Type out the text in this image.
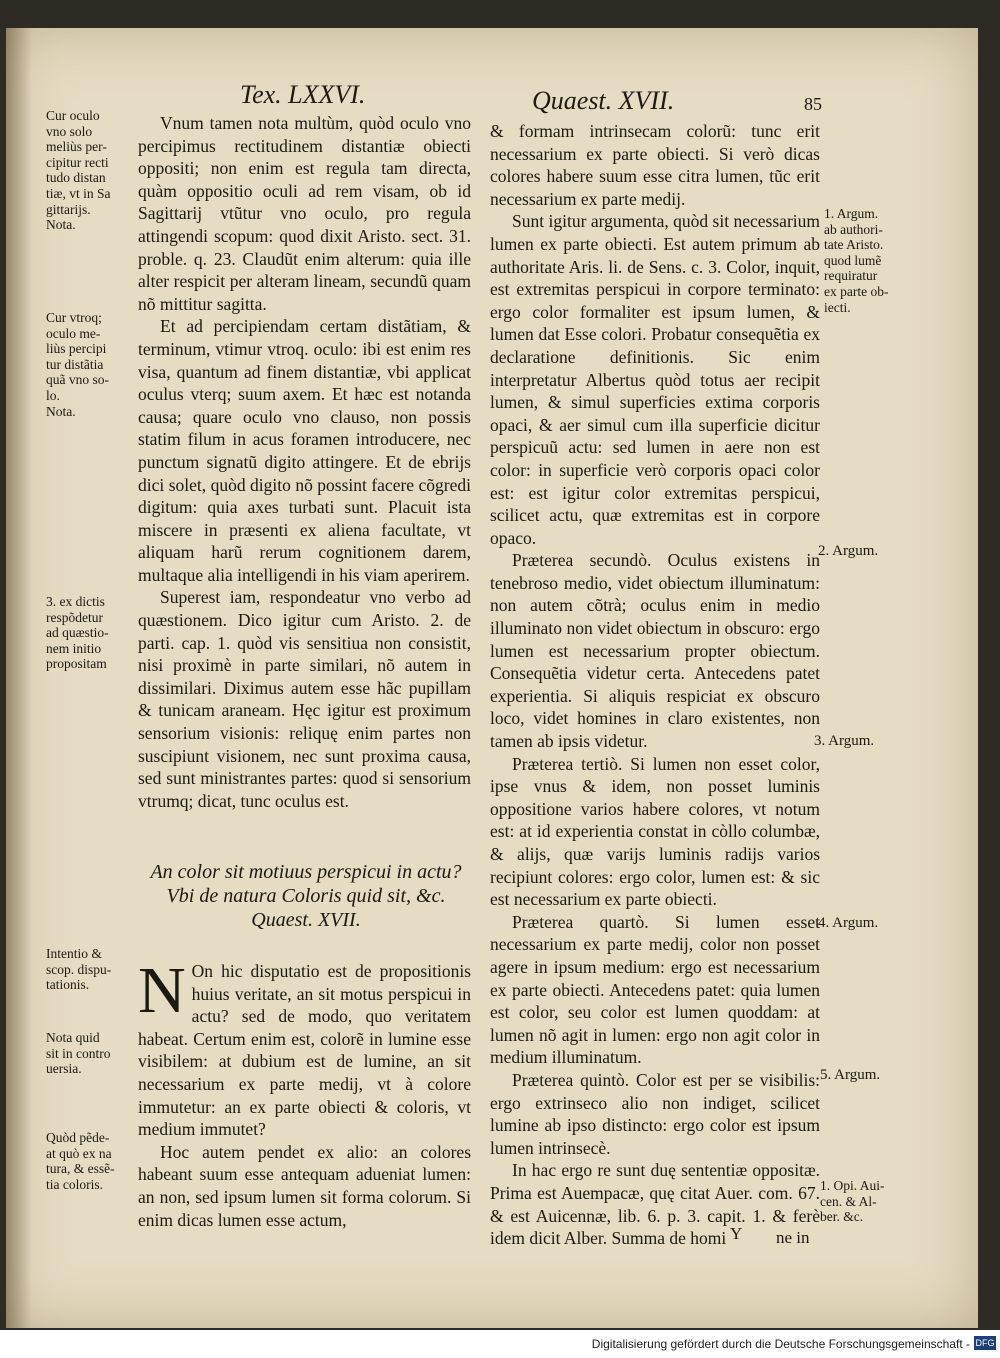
Tex. LXXVI.	Quaest. XVII.	85
Cur oculo
vno solo
meliùs per-
cipitur recti
tudo distan
tiæ, vt in Sa
gittarijs.
Nota.
Cur vtroq;
oculo me-
liùs percipi
tur distãtia
quã vno so-
lo.
Nota.
3. ex dictis
respõdetur
ad quæstio-
nem initio
propositam
Intentio &
scop. dispu-
tationis.
Nota quid
sit in contro
uersia.
Quòd pẽde-
at quò ex na
tura, & essẽ-
tia coloris.

Vnum tamen nota multùm, quòd oculo vno percipimus rectitudinem distantiæ obiecti oppositi; non enim est regula tam directa, quàm oppositio oculi ad rem visam, ob id Sagittarij vtũtur vno oculo, pro regula attingendi scopum: quod dixit Aristo. sect. 31. proble. q. 23. Claudũt enim alterum: quia ille alter respicit per alteram lineam, secundũ quam nõ mittitur sagitta.

Et ad percipiendam certam distãtiam, & terminum, vtimur vtroq. oculo: ibi est enim res visa, quantum ad finem distantiæ, vbi applicat oculus vterq; suum axem. Et hæc est notanda causa; quare oculo vno clauso, non possis statim filum in acus foramen introducere, nec punctum signatũ digito attingere. Et de ebrijs dici solet, quòd digito nõ possint facere cõgredi digitum: quia axes turbati sunt. Placuit ista miscere in præsenti ex aliena facultate, vt aliquam harũ rerum cognitionem darem, multaque alia intelligendi in his viam aperirem.

Superest iam, respondeatur vno verbo ad quæstionem. Dico igitur cum Aristo. 2. de parti. cap. 1. quòd vis sensitiua non consistit, nisi proximè in parte similari, nõ autem in dissimilari. Diximus autem esse hãc pupillam & tunicam araneam. Hęc igitur est proximum sensorium visionis: reliquę enim partes non suscipiunt visionem, nec sunt proxima causa, sed sunt ministrantes partes: quod si sensorium vtrumq; dicat, tunc oculus est.

An color sit motiuus perspicui in actu?
Vbi de natura Coloris quid sit, &c.
Quaest. XVII.

N On hic disputatio est de propositionis huius veritate, an sit motus perspicui in actu? sed de modo, quo veritatem habeat. Certum enim est, colorẽ in lumine esse visibilem: at dubium est de lumine, an sit necessarium ex parte medij, vt à colore immutetur: an ex parte obiecti & coloris, vt medium immutet?

Hoc autem pendet ex alio: an colores habeant suum esse antequam adueniat lumen: an non, sed ipsum lumen sit forma colorum. Si enim dicas lumen esse actum,

& formam intrinsecam colorũ: tunc erit necessarium ex parte obiecti. Si verò dicas colores habere suum esse citra lumen, tũc erit necessarium ex parte medij.

Sunt igitur argumenta, quòd sit necessarium lumen ex parte obiecti. Est autem primum ab authoritate Aris. li. de Sens. c. 3. Color, inquit, est extremitas perspicui in corpore terminato: ergo color formaliter est ipsum lumen, & lumen dat Esse colori. Probatur consequẽtia ex declaratione definitionis. Sic enim interpretatur Albertus quòd totus aer recipit lumen, & simul superficies extima corporis opaci, & aer simul cum illa superficie dicitur perspicuũ actu: sed lumen in aere non est color: in superficie verò corporis opaci color est: est igitur color extremitas perspicui, scilicet actu, quæ extremitas est in corpore opaco.

Præterea secundò. Oculus existens in tenebroso medio, videt obiectum illuminatum: non autem cõtrà; oculus enim in medio illuminato non videt obiectum in obscuro: ergo lumen est necessarium propter obiectum. Consequẽtia videtur certa. Antecedens patet experientia. Si aliquis respiciat ex obscuro loco, videt homines in claro existentes, non tamen ab ipsis videtur.

Præterea tertiò. Si lumen non esset color, ipse vnus & idem, non posset luminis oppositione varios habere colores, vt notum est: at id experientia constat in còllo columbæ, & alijs, quæ varijs luminis radijs varios recipiunt colores: ergo color, lumen est: & sic est necessarium ex parte obiecti.

Præterea quartò. Si lumen esset necessarium ex parte medij, color non posset agere in ipsum medium: ergo est necessarium ex parte obiecti. Antecedens patet: quia lumen est color, seu color est lumen quoddam: at lumen nõ agit in lumen: ergo non agit color in medium illuminatum.

Præterea quintò. Color est per se visibilis: ergo extrinseco alio non indiget, scilicet lumine ab ipso distincto: ergo color est ipsum lumen intrinsecè.

In hac ergo re sunt duę sententiæ oppositæ. Prima est Auempacæ, quę citat Auer. com. 67. & est Auicennæ, lib. 6. p. 3. capit. 1. & ferè idem dicit Alber. Summa de homi

1. Argum.
ab authori-
tate Aristo.
quod lumẽ
requiratur
ex parte ob-
iecti.
2. Argum.
3. Argum.
4. Argum.
5. Argum.
1. Opi. Aui-
cen. & Al-
ber. &c.
Y ne in
Digitalisierung gefördert durch die Deutsche Forschungsgemeinschaft - DFG
